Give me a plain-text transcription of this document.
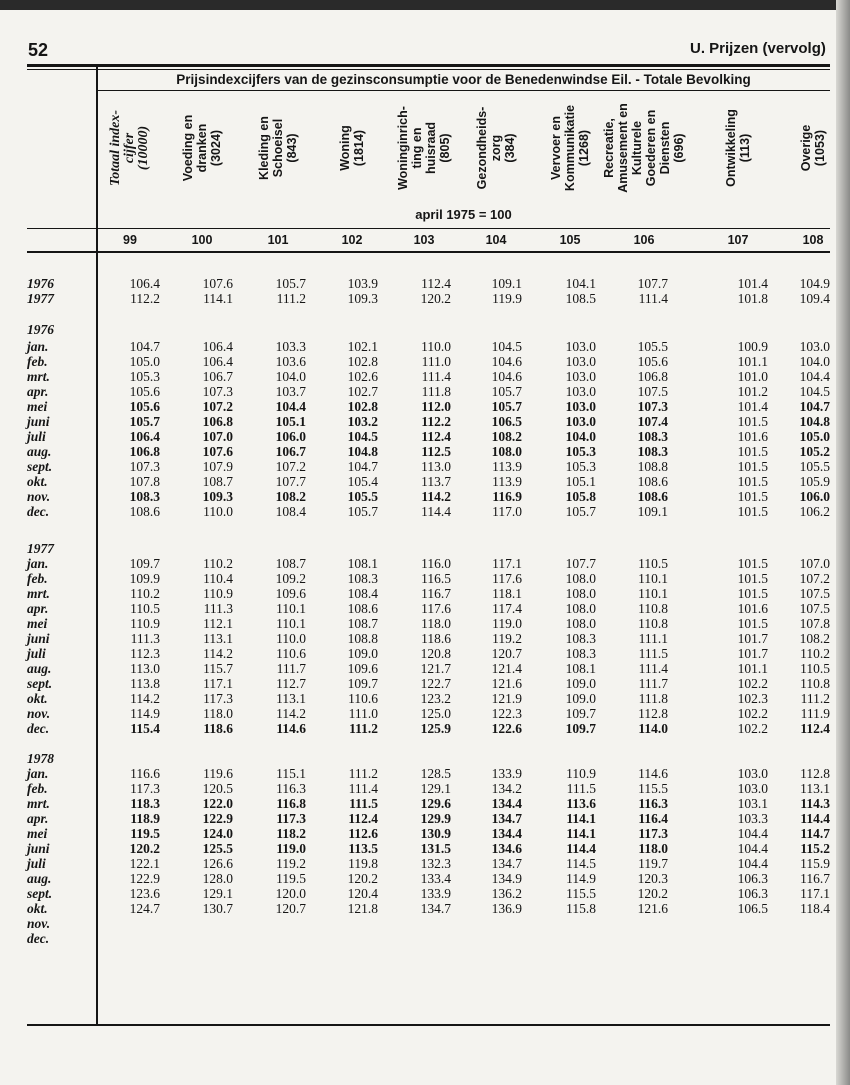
52	U. Prijzen (vervolg)
Prijsindexcijfers van de gezinsconsumptie voor de Benedenwindse Eil. - Totale Bevolking
april 1975 = 100
Totaal index-
cijfer
(10000)
99
Voeding en
dranken
(3024)
100
Kleding en
Schoeisel
(843)
101
Woning
(1814)
102
Woninginrich-
ting en
huisraad
(805)
103
Gezondheids-
zorg
(384)
104
Vervoer en
Kommunikatie
(1268)
105
Recreatie,
Amusement en
Kulturele
Goederen en
Diensten
(696)
106
Ontwikkeling
(113)
107
Overige
(1053)
108
1976	106.4	107.6	105.7	103.9	112.4	109.1	104.1	107.7	101.4	104.9
1977	112.2	114.1	111.2	109.3	120.2	119.9	108.5	111.4	101.8	109.4
1976
jan.	104.7	106.4	103.3	102.1	110.0	104.5	103.0	105.5	100.9	103.0
feb.	105.0	106.4	103.6	102.8	111.0	104.6	103.0	105.6	101.1	104.0
mrt.	105.3	106.7	104.0	102.6	111.4	104.6	103.0	106.8	101.0	104.4
apr.	105.6	107.3	103.7	102.7	111.8	105.7	103.0	107.5	101.2	104.5
mei	105.6	107.2	104.4	102.8	112.0	105.7	103.0	107.3	101.4	104.7
juni	105.7	106.8	105.1	103.2	112.2	106.5	103.0	107.4	101.5	104.8
juli	106.4	107.0	106.0	104.5	112.4	108.2	104.0	108.3	101.6	105.0
aug.	106.8	107.6	106.7	104.8	112.5	108.0	105.3	108.3	101.5	105.2
sept.	107.3	107.9	107.2	104.7	113.0	113.9	105.3	108.8	101.5	105.5
okt.	107.8	108.7	107.7	105.4	113.7	113.9	105.1	108.6	101.5	105.9
nov.	108.3	109.3	108.2	105.5	114.2	116.9	105.8	108.6	101.5	106.0
dec.	108.6	110.0	108.4	105.7	114.4	117.0	105.7	109.1	101.5	106.2
1977
jan.	109.7	110.2	108.7	108.1	116.0	117.1	107.7	110.5	101.5	107.0
feb.	109.9	110.4	109.2	108.3	116.5	117.6	108.0	110.1	101.5	107.2
mrt.	110.2	110.9	109.6	108.4	116.7	118.1	108.0	110.1	101.5	107.5
apr.	110.5	111.3	110.1	108.6	117.6	117.4	108.0	110.8	101.6	107.5
mei	110.9	112.1	110.1	108.7	118.0	119.0	108.0	110.8	101.5	107.8
juni	111.3	113.1	110.0	108.8	118.6	119.2	108.3	111.1	101.7	108.2
juli	112.3	114.2	110.6	109.0	120.8	120.7	108.3	111.5	101.7	110.2
aug.	113.0	115.7	111.7	109.6	121.7	121.4	108.1	111.4	101.1	110.5
sept.	113.8	117.1	112.7	109.7	122.7	121.6	109.0	111.7	102.2	110.8
okt.	114.2	117.3	113.1	110.6	123.2	121.9	109.0	111.8	102.3	111.2
nov.	114.9	118.0	114.2	111.0	125.0	122.3	109.7	112.8	102.2	111.9
dec.	115.4	118.6	114.6	111.2	125.9	122.6	109.7	114.0	102.2	112.4
1978
jan.	116.6	119.6	115.1	111.2	128.5	133.9	110.9	114.6	103.0	112.8
feb.	117.3	120.5	116.3	111.4	129.1	134.2	111.5	115.5	103.0	113.1
mrt.	118.3	122.0	116.8	111.5	129.6	134.4	113.6	116.3	103.1	114.3
apr.	118.9	122.9	117.3	112.4	129.9	134.7	114.1	116.4	103.3	114.4
mei	119.5	124.0	118.2	112.6	130.9	134.4	114.1	117.3	104.4	114.7
juni	120.2	125.5	119.0	113.5	131.5	134.6	114.4	118.0	104.4	115.2
juli	122.1	126.6	119.2	119.8	132.3	134.7	114.5	119.7	104.4	115.9
aug.	122.9	128.0	119.5	120.2	133.4	134.9	114.9	120.3	106.3	116.7
sept.	123.6	129.1	120.0	120.4	133.9	136.2	115.5	120.2	106.3	117.1
okt.	124.7	130.7	120.7	121.8	134.7	136.9	115.8	121.6	106.5	118.4
nov.
dec.
